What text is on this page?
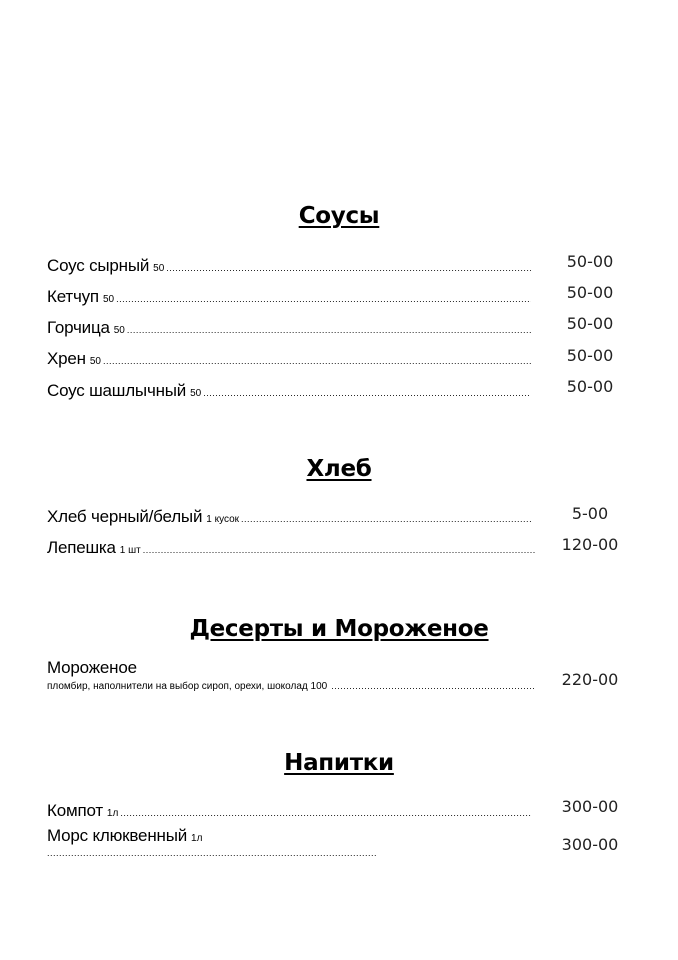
Соусы
Соус сырный 50 .....	50-00
Кетчуп 50 .....	50-00
Горчица 50 .....	50-00
Хрен 50 .....	50-00
Соус шашлычный 50 .....	50-00
Хлеб
Хлеб черный/белый 1 кусок .....	5-00
Лепешка 1 шт .....	120-00
Десерты и Мороженое
Мороженое
пломбир, наполнители на выбор сироп, орехи, шоколад 100 .....	220-00
Напитки
Компот 1л .....	300-00
Морс клюквенный 1л .....	300-00
